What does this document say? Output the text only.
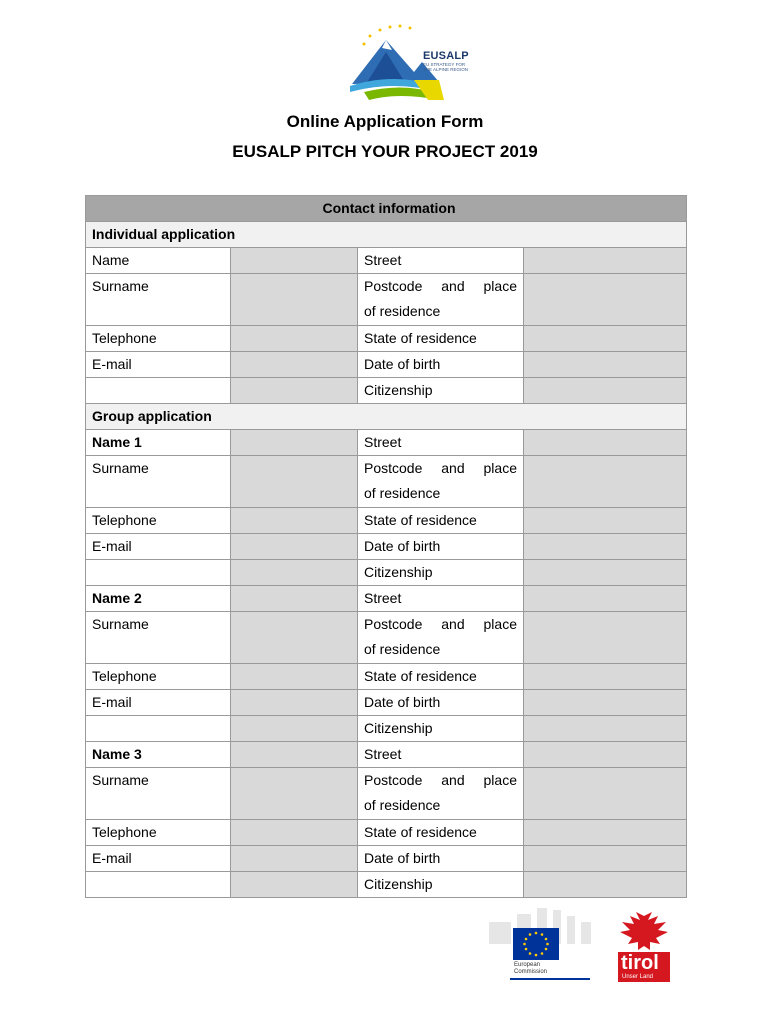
EUSALP
EU STRATEGY FOR THE ALPINE REGION
Online Application Form
EUSALP PITCH YOUR PROJECT 2019
Contact information			
Individual application			
Name		Street	
Surname		Postcode and place
of residence	

Telephone		State of residence	
E-mail		Date of birth	
		Citizenship	
Group application			
Name 1		Street	
Surname		Postcode and place
of residence	

Telephone		State of residence	
E-mail		Date of birth	
		Citizenship	
Name 2		Street	
Surname		Postcode and place
of residence	

Telephone		State of residence	
E-mail		Date of birth	
		Citizenship	
Name 3		Street	
Surname		Postcode and place
of residence	

Telephone		State of residence	
E-mail		Date of birth	
		Citizenship	
European
Commission	tirol
Unser Land
